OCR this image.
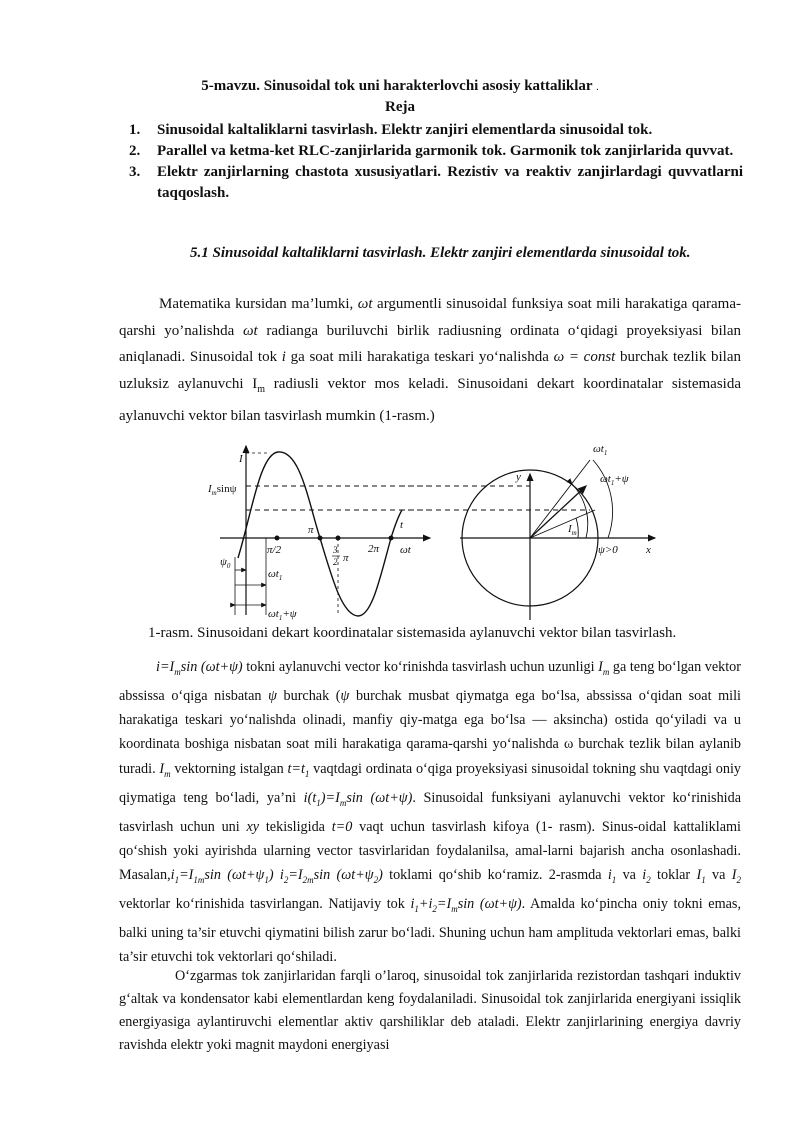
5-mavzu. Sinusoidal tok uni harakterlovchi asosiy kattaliklar .
Reja
1. Sinusoidal kaltaliklarni tasvirlash. Elektr zanjiri elementlarda sinusoidal tok.
2. Parallel va ketma-ket RLC-zanjirlarida garmonik tok. Garmonik tok zanjirlarida quvvat.
3. Elektr zanjirlarning chastota xususiyatlari. Rezistiv va reaktiv zanjirlardagi quvvatlarni taqqoslash.
5.1 Sinusoidal kaltaliklarni tasvirlash. Elektr zanjiri elementlarda sinusoidal tok.
Matematika kursidan ma’lumki, ωt argumentli sinusoidal funksiya soat mili harakatiga qarama-qarshi yo’nalishda ωt radianga buriluvchi birlik radiusning ordinata o‘qidagi proyeksiyasi bilan aniqlanadi. Sinusoidal tok i ga soat mili harakatiga teskari yo‘nalishda ω = const burchak tezlik bilan uzluksiz aylanuvchi $I_m$ radiusli vektor mos keladi. Sinusoidani dekart koordinatalar sistemasida aylanuvchi vektor bilan tasvirlash mumkin (1-rasm.)
I
$I_m\sin\psi$
$\psi_0$
π/2
π
3
2 π
2π
t
ωt
$\omega t_1$
$\omega t_1+\psi$
y
x
$\omega t_1$
$\omega t_1+\psi$
$I_m$
ψ>0
1-rasm. Sinusoidani dekart koordinatalar sistemasida aylanuvchi vektor bilan tasvirlash.
$i=I_m\sin$ (ωt+ψ) tokni aylanuvchi vector ko‘rinishda tasvirlash uchun uzunligi $I_m$ ga teng bo‘lgan vektor abssissa o‘qiga nisbatan ψ burchak (ψ burchak musbat qiymatga ega bo‘lsa, abssissa o‘qidan soat mili harakatiga teskari yo‘nalishda olinadi, manfiy qiy-matga ega bo‘lsa — aksincha) ostida qo‘yiladi va u koordinata boshiga nisbatan soat mili harakatiga qarama-qarshi yo‘nalishda ω burchak tezlik bilan aylanib turadi. $I_m$ vektorning istalgan $t=t_1$ vaqtdagi ordinata o‘qiga proyeksiyasi sinusoidal tokning shu vaqtdagi oniy qiymatiga teng bo‘ladi, ya’ni $i(t_1)=I_m\sin$ (ωt+ψ). Sinusoidal funksiyani aylanuvchi vektor ko‘rinishida tasvirlash uchun uni xy tekisligida t=0 vaqt uchun tasvirlash kifoya (1- rasm). Sinus-oidal kattaliklami qo‘shish yoki ayirishda ularning vector tasvirlaridan foydalanilsa, amal-larni bajarish ancha osonlashadi. $Masalan,i_1=I_{1m}\sin$ $(\omega t+\psi_1)$ $i_2=I_{2m}\sin$ $(\omega t+\psi_2)$ toklami qo‘shib ko‘ramiz. 2-rasmda $i_1$ va $i_2$ toklar $I_1$ va $I_2$ vektorlar ko‘rinishida tasvirlangan. Natijaviy tok $i_1+i_2=I_m\sin$ (ωt+ψ). Amalda ko‘pincha oniy tokni emas, balki uning ta’sir etuvchi qiymatini bilish zarur bo‘ladi. Shuning uchun ham amplituda vektorlari emas, balki ta’sir etuvchi tok vektorlari qo‘shiladi.
O‘zgarmas tok zanjirlaridan farqli o’laroq, sinusoidal tok zanjirlarida rezistordan tashqari induktiv g‘altak va kondensator kabi elementlardan keng foydalaniladi. Sinusoidal tok zanjirlarida energiyani issiqlik energiyasiga aylantiruvchi elementlar aktiv qarshiliklar deb ataladi. Elektr zanjirlarining energiya davriy ravishda elektr yoki magnit maydoni energiyasi
